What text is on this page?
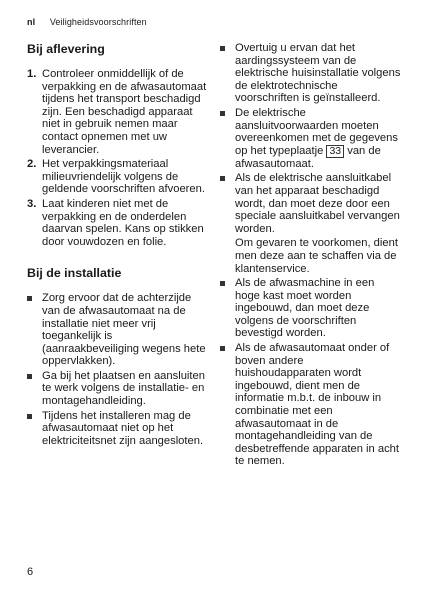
nl Veiligheidsvoorschriften
Bij aflevering
1. Controleer onmiddellijk of de verpakking en de afwasautomaat tijdens het transport beschadigd zijn. Een beschadigd apparaat niet in gebruik nemen maar contact opnemen met uw leverancier.
2. Het verpakkingsmateriaal milieuvriendelijk volgens de geldende voorschriften afvoeren.
3. Laat kinderen niet met de verpakking en de onderdelen daarvan spelen. Kans op stikken door vouwdozen en folie.
Bij de installatie
Zorg ervoor dat de achterzijde van de afwasautomaat na de installatie niet meer vrij toegankelijk is (aanraakbeveiliging wegens hete oppervlakken).
Ga bij het plaatsen en aansluiten te werk volgens de installatie- en montagehandleiding.
Tijdens het installeren mag de afwasautomaat niet op het elektriciteitsnet zijn aangesloten.
Overtuig u ervan dat het aardingssysteem van de elektrische huisinstallatie volgens de elektrotechnische voorschriften is geïnstalleerd.
De elektrische aansluitvoorwaarden moeten overeenkomen met de gegevens op het typeplaatje 33 van de afwasautomaat.
Als de elektrische aansluitkabel van het apparaat beschadigd wordt, dan moet deze door een speciale aansluitkabel vervangen worden.
Om gevaren te voorkomen, dient men deze aan te schaffen via de klantenservice.
Als de afwasmachine in een hoge kast moet worden ingebouwd, dan moet deze volgens de voorschriften bevestigd worden.
Als de afwasautomaat onder of boven andere huishoudapparaten wordt ingebouwd, dient men de informatie m.b.t. de inbouw in combinatie met een afwasautomaat in de montagehandleiding van de desbetreffende apparaten in acht te nemen.
6
